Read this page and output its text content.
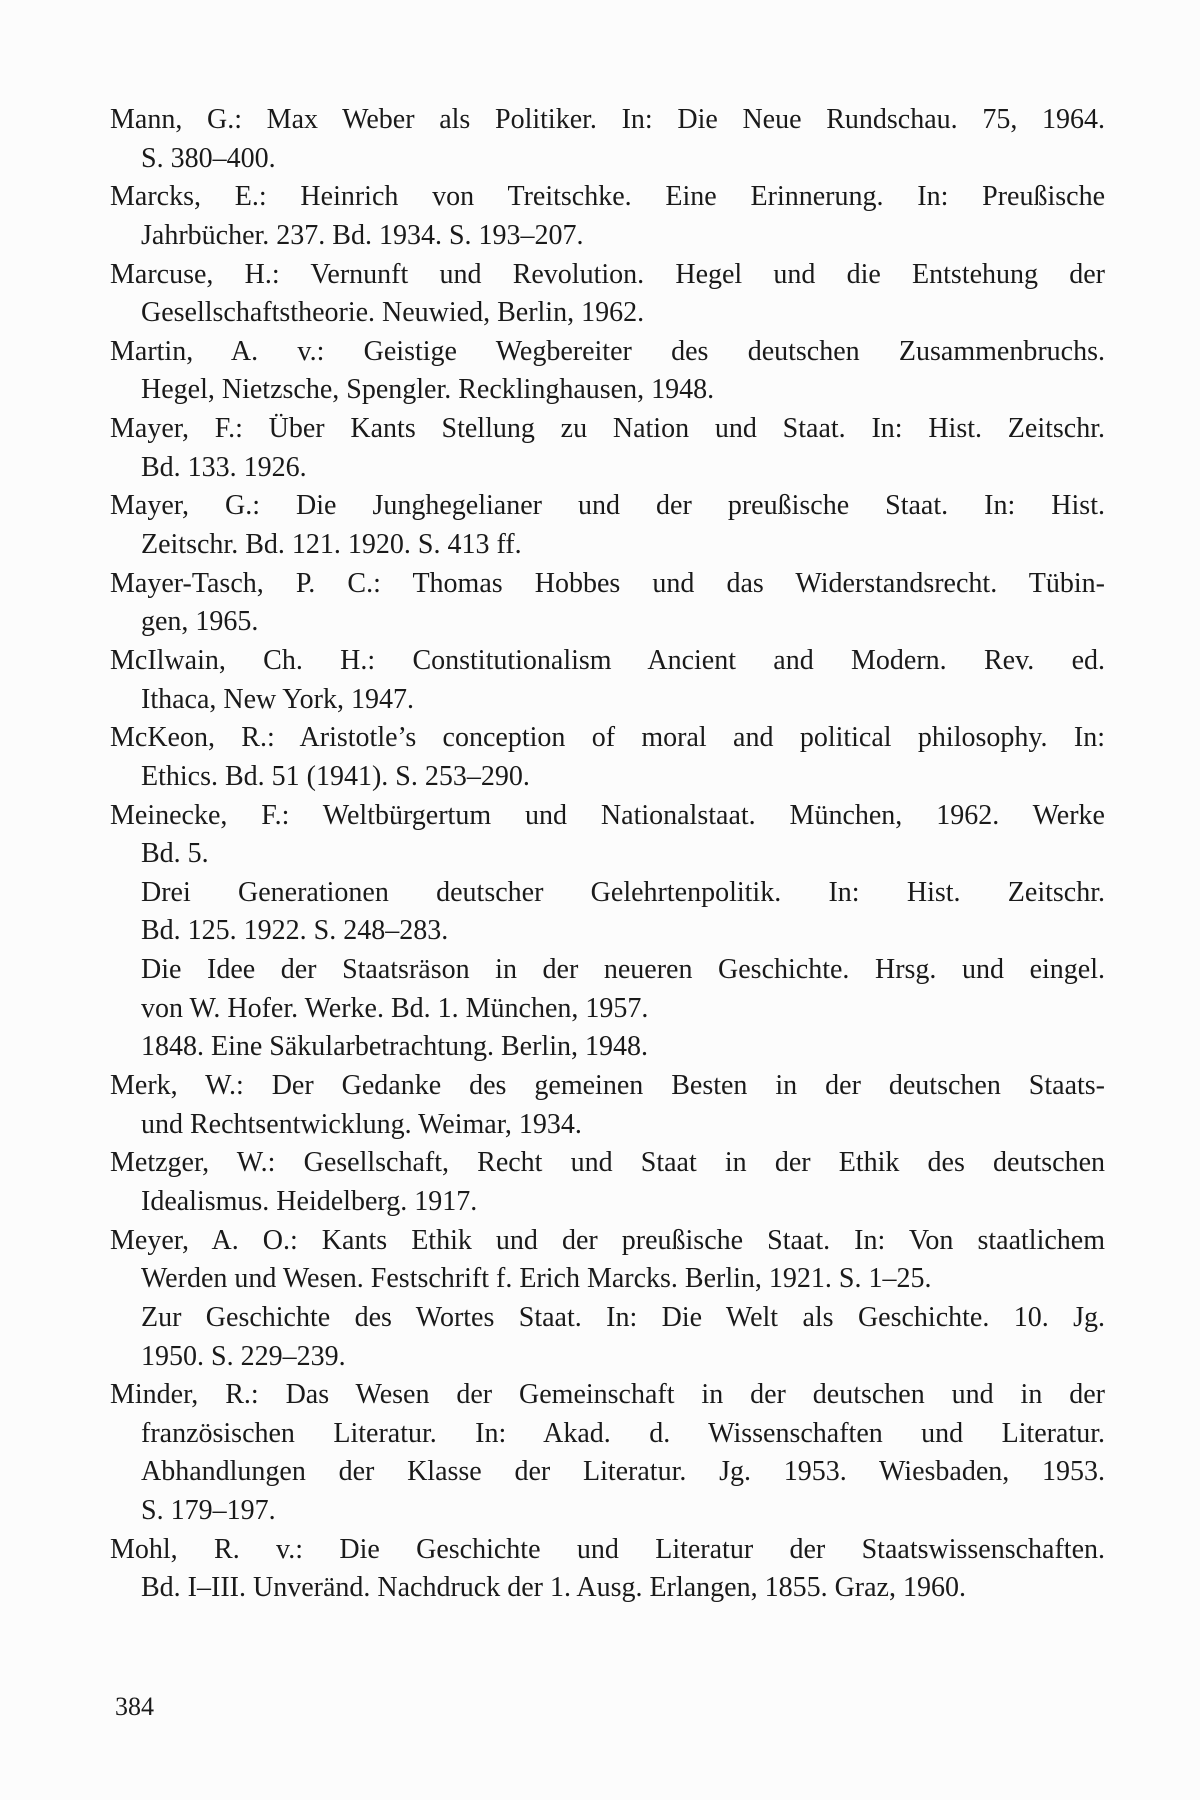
Mann, G.: Max Weber als Politiker. In: Die Neue Rundschau. 75, 1964.
S. 380–400.
Marcks, E.: Heinrich von Treitschke. Eine Erinnerung. In: Preußische
Jahrbücher. 237. Bd. 1934. S. 193–207.
Marcuse, H.: Vernunft und Revolution. Hegel und die Entstehung der
Gesellschaftstheorie. Neuwied, Berlin, 1962.
Martin, A. v.: Geistige Wegbereiter des deutschen Zusammenbruchs.
Hegel, Nietzsche, Spengler. Recklinghausen, 1948.
Mayer, F.: Über Kants Stellung zu Nation und Staat. In: Hist. Zeitschr.
Bd. 133. 1926.
Mayer, G.: Die Junghegelianer und der preußische Staat. In: Hist.
Zeitschr. Bd. 121. 1920. S. 413 ff.
Mayer-Tasch, P. C.: Thomas Hobbes und das Widerstandsrecht. Tübin-
gen, 1965.
McIlwain, Ch. H.: Constitutionalism Ancient and Modern. Rev. ed.
Ithaca, New York, 1947.
McKeon, R.: Aristotle’s conception of moral and political philosophy. In:
Ethics. Bd. 51 (1941). S. 253–290.
Meinecke, F.: Weltbürgertum und Nationalstaat. München, 1962. Werke
Bd. 5.
Drei Generationen deutscher Gelehrtenpolitik. In: Hist. Zeitschr.
Bd. 125. 1922. S. 248–283.
Die Idee der Staatsräson in der neueren Geschichte. Hrsg. und eingel.
von W. Hofer. Werke. Bd. 1. München, 1957.
1848. Eine Säkularbetrachtung. Berlin, 1948.
Merk, W.: Der Gedanke des gemeinen Besten in der deutschen Staats-
und Rechtsentwicklung. Weimar, 1934.
Metzger, W.: Gesellschaft, Recht und Staat in der Ethik des deutschen
Idealismus. Heidelberg. 1917.
Meyer, A. O.: Kants Ethik und der preußische Staat. In: Von staatlichem
Werden und Wesen. Festschrift f. Erich Marcks. Berlin, 1921. S. 1–25.
Zur Geschichte des Wortes Staat. In: Die Welt als Geschichte. 10. Jg.
1950. S. 229–239.
Minder, R.: Das Wesen der Gemeinschaft in der deutschen und in der
französischen Literatur. In: Akad. d. Wissenschaften und Literatur.
Abhandlungen der Klasse der Literatur. Jg. 1953. Wiesbaden, 1953.
S. 179–197.
Mohl, R. v.: Die Geschichte und Literatur der Staatswissenschaften.
Bd. I–III. Unveränd. Nachdruck der 1. Ausg. Erlangen, 1855. Graz, 1960.
384
